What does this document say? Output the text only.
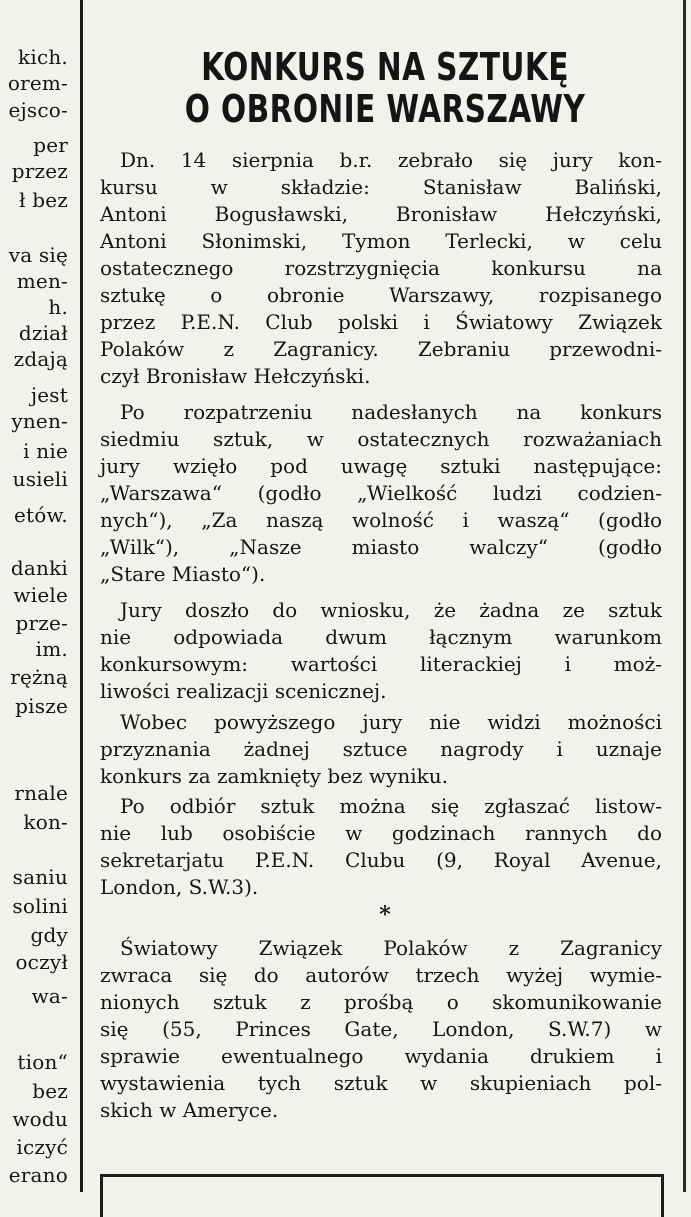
kich.
orem-
ejsco-
per
przez
ł bez
va się
men-
h.
dział
zdają
jest
ynen-
i nie
usieli
etów.
danki
wiele
prze-
im.
rężną
pisze
rnale
kon-
saniu
solini
gdy
oczył
wa-
tion“
bez
wodu
iczyć
erano
KONKURS NA SZTUKĘ
O OBRONIE WARSZAWY
Dn. 14 sierpnia b.r. zebrało się jury kon-
kursu w składzie: Stanisław Baliński,
Antoni Bogusławski, Bronisław Hełczyński,
Antoni Słonimski, Tymon Terlecki, w celu
ostatecznego rozstrzygnięcia konkursu na
sztukę o obronie Warszawy, rozpisanego
przez P.E.N. Club polski i Światowy Związek
Polaków z Zagranicy. Zebraniu przewodni-
czył Bronisław Hełczyński.
Po rozpatrzeniu nadesłanych na konkurs
siedmiu sztuk, w ostatecznych rozważaniach
jury wzięło pod uwagę sztuki następujące:
„Warszawa“ (godło „Wielkość ludzi codzien-
nych“), „Za naszą wolność i waszą“ (godło
„Wilk“), „Nasze miasto walczy“ (godło
„Stare Miasto“).
Jury doszło do wniosku, że żadna ze sztuk
nie odpowiada dwum łącznym warunkom
konkursowym: wartości literackiej i moż-
liwości realizacji scenicznej.
Wobec powyższego jury nie widzi możności
przyznania żadnej sztuce nagrody i uznaje
konkurs za zamknięty bez wyniku.
Po odbiór sztuk można się zgłaszać listow-
nie lub osobiście w godzinach rannych do
sekretarjatu P.E.N. Clubu (9, Royal Avenue,
London, S.W.3).
*
Światowy Związek Polaków z Zagranicy
zwraca się do autorów trzech wyżej wymie-
nionych sztuk z prośbą o skomunikowanie
się (55, Princes Gate, London, S.W.7) w
sprawie ewentualnego wydania drukiem i
wystawienia tych sztuk w skupieniach pol-
skich w Ameryce.
